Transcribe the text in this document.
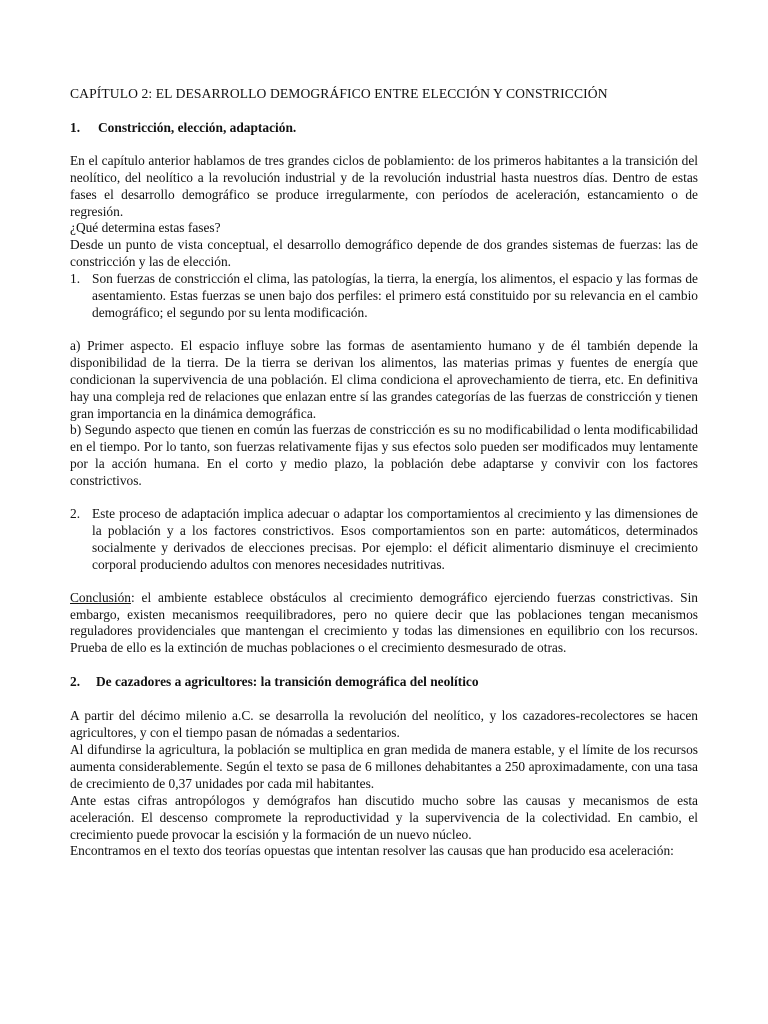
CAPÍTULO 2: EL DESARROLLO DEMOGRÁFICO ENTRE ELECCIÓN Y CONSTRICCIÓN
1. Constricción, elección, adaptación.

En el capítulo anterior hablamos de tres grandes ciclos de poblamiento: de los primeros habitantes a la transición del neolítico, del neolítico a la revolución industrial y de la revolución industrial hasta nuestros días. Dentro de estas fases el desarrollo demográfico se produce irregularmente, con períodos de aceleración, estancamiento o de regresión.

¿Qué determina estas fases?

Desde un punto de vista conceptual, el desarrollo demográfico depende de dos grandes sistemas de fuerzas: las de constricción y las de elección.

1. Son fuerzas de constricción el clima, las patologías, la tierra, la energía, los alimentos, el espacio y las formas de asentamiento. Estas fuerzas se unen bajo dos perfiles: el primero está constituido por su relevancia en el cambio demográfico; el segundo por su lenta modificación.

a) Primer aspecto. El espacio influye sobre las formas de asentamiento humano y de él también depende la disponibilidad de la tierra. De la tierra se derivan los alimentos, las materias primas y fuentes de energía que condicionan la supervivencia de una población. El clima condiciona el aprovechamiento de tierra, etc. En definitiva hay una compleja red de relaciones que enlazan entre sí las grandes categorías de las fuerzas de constricción y tienen gran importancia en la dinámica demográfica.

b) Segundo aspecto que tienen en común las fuerzas de constricción es su no modificabilidad o lenta modificabilidad en el tiempo. Por lo tanto, son fuerzas relativamente fijas y sus efectos solo pueden ser modificados muy lentamente por la acción humana. En el corto y medio plazo, la población debe adaptarse y convivir con los factores constrictivos.

2. Este proceso de adaptación implica adecuar o adaptar los comportamientos al crecimiento y las dimensiones de la población y a los factores constrictivos. Esos comportamientos son en parte: automáticos, determinados socialmente y derivados de elecciones precisas. Por ejemplo: el déficit alimentario disminuye el crecimiento corporal produciendo adultos con menores necesidades nutritivas.

Conclusión: el ambiente establece obstáculos al crecimiento demográfico ejerciendo fuerzas constrictivas. Sin embargo, existen mecanismos reequilibradores, pero no quiere decir que las poblaciones tengan mecanismos reguladores providenciales que mantengan el crecimiento y todas las dimensiones en equilibrio con los recursos. Prueba de ello es la extinción de muchas poblaciones o el crecimiento desmesurado de otras.

2. De cazadores a agricultores: la transición demográfica del neolítico

A partir del décimo milenio a.C. se desarrolla la revolución del neolítico, y los cazadores-recolectores se hacen agricultores, y con el tiempo pasan de nómadas a sedentarios.

Al difundirse la agricultura, la población se multiplica en gran medida de manera estable, y el límite de los recursos aumenta considerablemente. Según el texto se pasa de 6 millones dehabitantes a 250 aproximadamente, con una tasa de crecimiento de 0,37 unidades por cada mil habitantes.

Ante estas cifras antropólogos y demógrafos han discutido mucho sobre las causas y mecanismos de esta aceleración. El descenso compromete la reproductividad y la supervivencia de la colectividad. En cambio, el crecimiento puede provocar la escisión y la formación de un nuevo núcleo.

Encontramos en el texto dos teorías opuestas que intentan resolver las causas que han producido esa aceleración:
